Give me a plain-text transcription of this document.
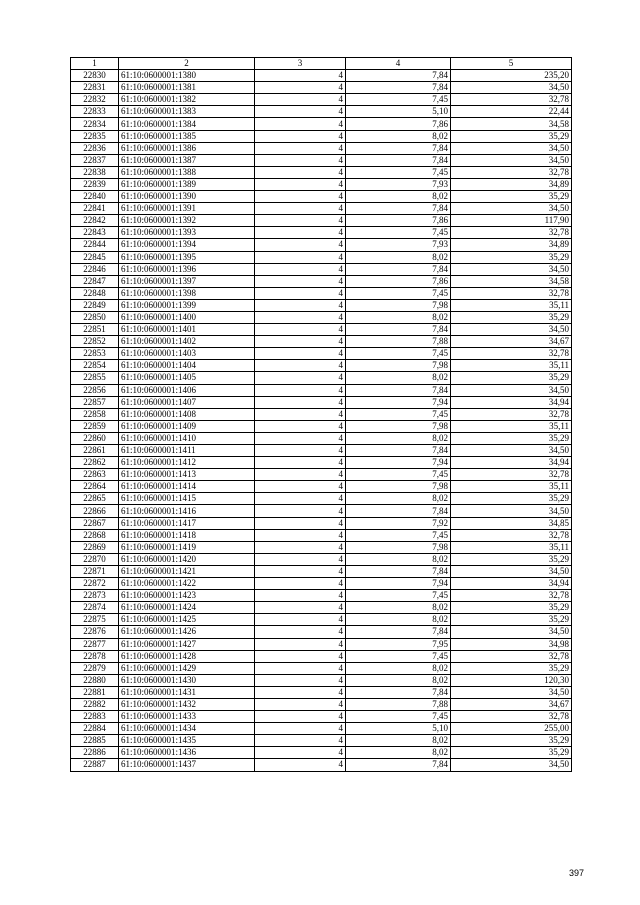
1	2	3	4	5
22830	61:10:0600001:1380	4	7,84	235,20
22831	61:10:0600001:1381	4	7,84	34,50
22832	61:10:0600001:1382	4	7,45	32,78
22833	61:10:0600001:1383	4	5,10	22,44
22834	61:10:0600001:1384	4	7,86	34,58
22835	61:10:0600001:1385	4	8,02	35,29
22836	61:10:0600001:1386	4	7,84	34,50
22837	61:10:0600001:1387	4	7,84	34,50
22838	61:10:0600001:1388	4	7,45	32,78
22839	61:10:0600001:1389	4	7,93	34,89
22840	61:10:0600001:1390	4	8,02	35,29
22841	61:10:0600001:1391	4	7,84	34,50
22842	61:10:0600001:1392	4	7,86	117,90
22843	61:10:0600001:1393	4	7,45	32,78
22844	61:10:0600001:1394	4	7,93	34,89
22845	61:10:0600001:1395	4	8,02	35,29
22846	61:10:0600001:1396	4	7,84	34,50
22847	61:10:0600001:1397	4	7,86	34,58
22848	61:10:0600001:1398	4	7,45	32,78
22849	61:10:0600001:1399	4	7,98	35,11
22850	61:10:0600001:1400	4	8,02	35,29
22851	61:10:0600001:1401	4	7,84	34,50
22852	61:10:0600001:1402	4	7,88	34,67
22853	61:10:0600001:1403	4	7,45	32,78
22854	61:10:0600001:1404	4	7,98	35,11
22855	61:10:0600001:1405	4	8,02	35,29
22856	61:10:0600001:1406	4	7,84	34,50
22857	61:10:0600001:1407	4	7,94	34,94
22858	61:10:0600001:1408	4	7,45	32,78
22859	61:10:0600001:1409	4	7,98	35,11
22860	61:10:0600001:1410	4	8,02	35,29
22861	61:10:0600001:1411	4	7,84	34,50
22862	61:10:0600001:1412	4	7,94	34,94
22863	61:10:0600001:1413	4	7,45	32,78
22864	61:10:0600001:1414	4	7,98	35,11
22865	61:10:0600001:1415	4	8,02	35,29
22866	61:10:0600001:1416	4	7,84	34,50
22867	61:10:0600001:1417	4	7,92	34,85
22868	61:10:0600001:1418	4	7,45	32,78
22869	61:10:0600001:1419	4	7,98	35,11
22870	61:10:0600001:1420	4	8,02	35,29
22871	61:10:0600001:1421	4	7,84	34,50
22872	61:10:0600001:1422	4	7,94	34,94
22873	61:10:0600001:1423	4	7,45	32,78
22874	61:10:0600001:1424	4	8,02	35,29
22875	61:10:0600001:1425	4	8,02	35,29
22876	61:10:0600001:1426	4	7,84	34,50
22877	61:10:0600001:1427	4	7,95	34,98
22878	61:10:0600001:1428	4	7,45	32,78
22879	61:10:0600001:1429	4	8,02	35,29
22880	61:10:0600001:1430	4	8,02	120,30
22881	61:10:0600001:1431	4	7,84	34,50
22882	61:10:0600001:1432	4	7,88	34,67
22883	61:10:0600001:1433	4	7,45	32,78
22884	61:10:0600001:1434	4	5,10	255,00
22885	61:10:0600001:1435	4	8,02	35,29
22886	61:10:0600001:1436	4	8,02	35,29
22887	61:10:0600001:1437	4	7,84	34,50
397
